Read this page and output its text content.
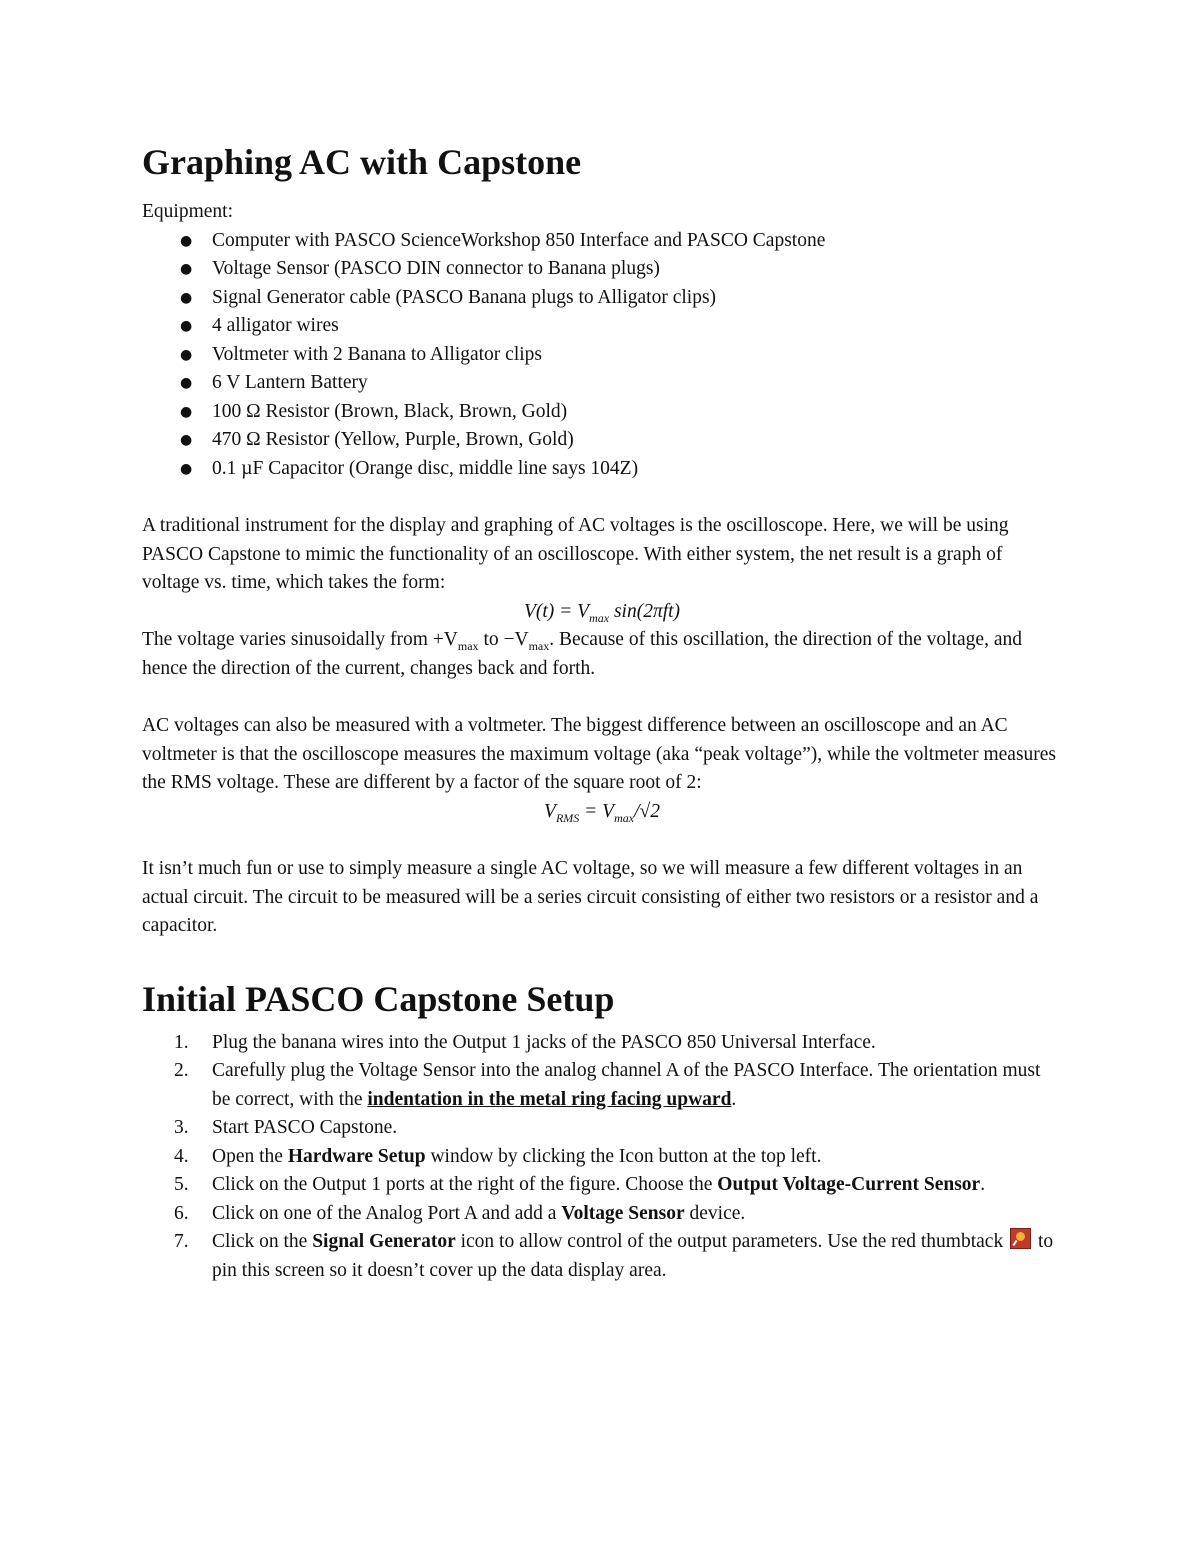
Graphing AC with Capstone

Equipment:

● Computer with PASCO ScienceWorkshop 850 Interface and PASCO Capstone
● Voltage Sensor (PASCO DIN connector to Banana plugs)
● Signal Generator cable (PASCO Banana plugs to Alligator clips)
● 4 alligator wires
● Voltmeter with 2 Banana to Alligator clips
● 6 V Lantern Battery
● 100 Ω Resistor (Brown, Black, Brown, Gold)
● 470 Ω Resistor (Yellow, Purple, Brown, Gold)
● 0.1 µF Capacitor (Orange disc, middle line says 104Z)

A traditional instrument for the display and graphing of AC voltages is the oscilloscope. Here, we will be using PASCO Capstone to mimic the functionality of an oscilloscope. With either system, the net result is a graph of voltage vs. time, which takes the form:

$V(t) = V_{max}$ sin(2πft)

The voltage varies sinusoidally from $+V_{max}$ to $-V_{max}$. Because of this oscillation, the direction of the voltage, and hence the direction of the current, changes back and forth.

AC voltages can also be measured with a voltmeter. The biggest difference between an oscilloscope and an AC voltmeter is that the oscilloscope measures the maximum voltage (aka “peak voltage”), while the voltmeter measures the RMS voltage. These are different by a factor of the square root of 2:

$V_{RMS} = V_{max}/√2$

It isn’t much fun or use to simply measure a single AC voltage, so we will measure a few different voltages in an actual circuit. The circuit to be measured will be a series circuit consisting of either two resistors or a resistor and a capacitor.

Initial PASCO Capstone Setup
1. Plug the banana wires into the Output 1 jacks of the PASCO 850 Universal Interface.
2. Carefully plug the Voltage Sensor into the analog channel A of the PASCO Interface. The orientation must be correct, with the indentation in the metal ring facing upward.
3. Start PASCO Capstone.
4. Open the Hardware Setup window by clicking the Icon button at the top left.
5. Click on the Output 1 ports at the right of the figure. Choose the Output Voltage-Current Sensor.
6. Click on one of the Analog Port A and add a Voltage Sensor device.
7. Click on the Signal Generator icon to allow control of the output parameters. Use the red thumbtack  to pin this screen so it doesn’t cover up the data display area.
